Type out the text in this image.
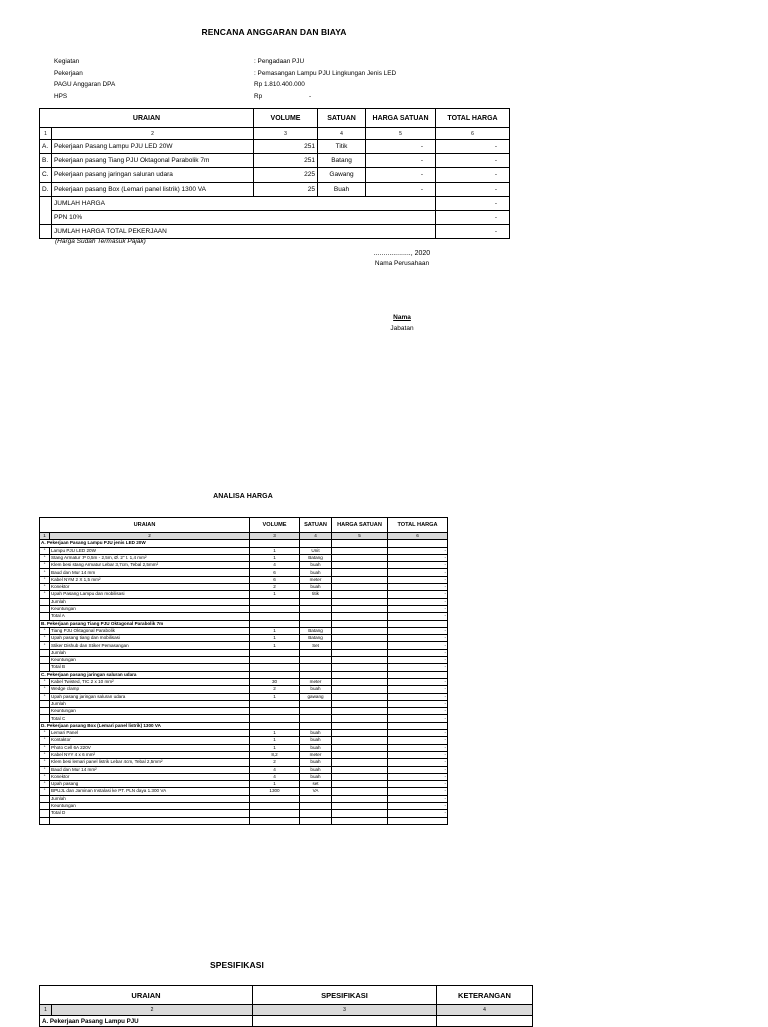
RENCANA ANGGARAN DAN BIAYA
Kegiatan	: Pengadaan PJU
Pekerjaan	: Pemasangan Lampu PJU Lingkungan Jenis LED
PAGU Anggaran DPA	Rp 1.810.400.000
HPS	Rp	-
URAIAN		VOLUME	SATUAN	HARGA SATUAN	TOTAL HARGA
1	2	3	4	5	6
A.	Pekerjaan Pasang Lampu PJU LED 20W	251	Titik	-	-
B.	Pekerjaan pasang Tiang PJU Oktagonal Parabolik 7m	251	Batang	-	-
C.	Pekerjaan pasang jaringan saluran udara	225	Gawang	-	-
D.	Pekerjaan pasang Box (Lemari panel listrik) 1300 VA	25	Buah	-	-
	JUMLAH HARGA				-
	PPN 10%				-
	JUMLAH HARGA TOTAL PEKERJAAN				-
(Harga Sudah Termasuk Pajak)
..................., 2020
Nama Perusahaan
Nama
Jabatan
ANALISA HARGA
URAIAN		VOLUME	SATUAN	HARGA SATUAN	TOTAL HARGA
1	2	3	4	5	6
A. Pekerjaan Pasang Lampu PJU jenis LED 20W					
°	Lampu PJU LED 20W	1	Unit		-
°	Stang Armatur :P 0,5m - 2,5m, Ø. 2" t. 1,4 mm²	1	Batang		-
°	Klem besi stang Armatur Lebar 3,7cm, Tebal 2,5mm²	4	buah		-
°	Baud dan Mur 14 mm	6	buah		-
°	Kabel NYM 2 X 1,5 mm²	6	meter		-
°	Konektor	2	buah		-
°	Upah Pasang Lampu dan mobilisasi	1	titik		-
	Jumlah				-
	Keuntungan				-
	Total A				-
B. Pekerjaan pasang Tiang PJU Oktagonal Parabolik 7m					
°	Tiang PJU Oktagonal Parabolik	1	Batang		-
°	Upah pasang tiang dan mobilisasi	1	Batang		-
°	Stiker Dishub dan Stiker Pemasangan	1	Set		-
	Jumlah				-
	Keuntungan				-
	Total B				-
C. Pekerjaan pasang jaringan saluran udara					
°	Kabel Twisted, TIC 2 x 10 mm²	30	meter		-
°	Wedge clamp	2	buah		-
°	Upah pasang jaringan saluran udara	1	gawang		-
	Jumlah				-
	Keuntungan				-
	Total C				-
D. Pekerjaan pasang Box (Lemari panel listrik) 1300 VA					
°	Lemari Panel	1	buah		-
°	Kontaktor	1	buah		-
°	Photo Cell 6A 220V	1	buah		-
°	Kabel NYY 4 x 6 mm²	8,2	meter		-
°	Klem besi lemari panel listrik Lebar 4cm, Tebal 2,5mm²	2	buah		-
°	Baud dan Mur 14 mm²	4	buah		-
°	Konektor	4	buah		-
°	Upah pasang	1	set		-
°	BPUJL dan Jaminan Instalasi ke PT. PLN daya 1.300 VA	1300	VA		-
	Jumlah				-
	Keuntungan				-
	Total D				-

SPESIFIKASI
URAIAN		SPESIFIKASI	KETERANGAN
1	2	3	4
A. Pekerjaan Pasang Lampu PJU			
